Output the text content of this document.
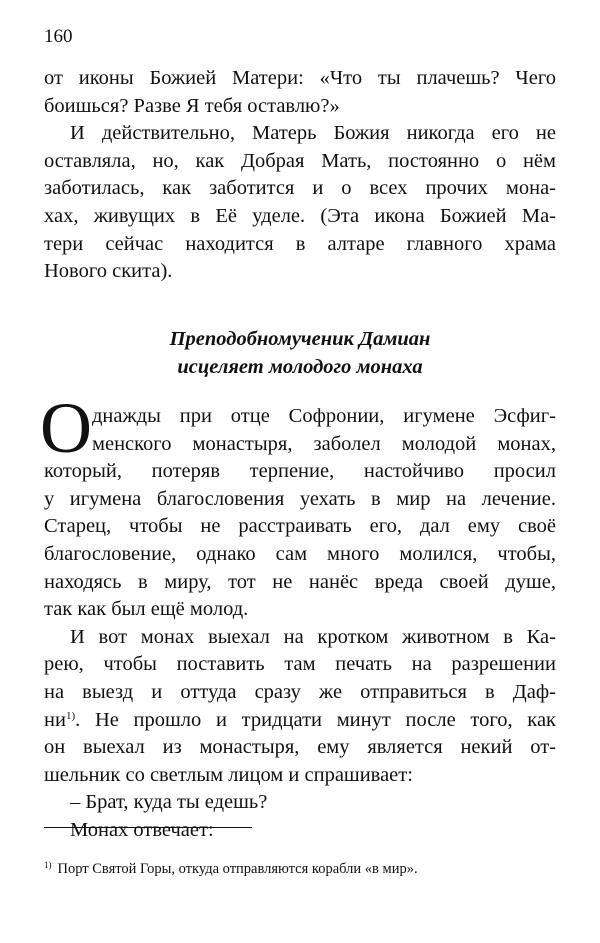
160
от иконы Божией Матери: «Что ты плачешь? Чего
боишься? Разве Я тебя оставлю?»
И действительно, Матерь Божия никогда его не
оставляла, но, как Добрая Мать, постоянно о нём
заботилась, как заботится и о всех прочих мона-
хах, живущих в Её уделе. (Эта икона Божией Ма-
тери сейчас находится в алтаре главного храма
Нового скита).
Преподобномученик Дамиан
исцеляет молодого монаха
О днажды при отце Софронии, игумене Эсфиг-
менского монастыря, заболел молодой монах,
который, потеряв терпение, настойчиво просил
у игумена благословения уехать в мир на лечение.
Старец, чтобы не расстраивать его, дал ему своё
благословение, однако сам много молился, чтобы,
находясь в миру, тот не нанёс вреда своей душе,
так как был ещё молод.
И вот монах выехал на кротком животном в Ка-
рею, чтобы поставить там печать на разрешении
на выезд и оттуда сразу же отправиться в Даф-
$ни^{1)}$. Не прошло и тридцати минут после того, как
он выехал из монастыря, ему является некий от-
шельник со светлым лицом и спрашивает:
– Брат, куда ты едешь?
Монах отвечает:
$^{1)}$ Порт Святой Горы, откуда отправляются корабли «в мир».
